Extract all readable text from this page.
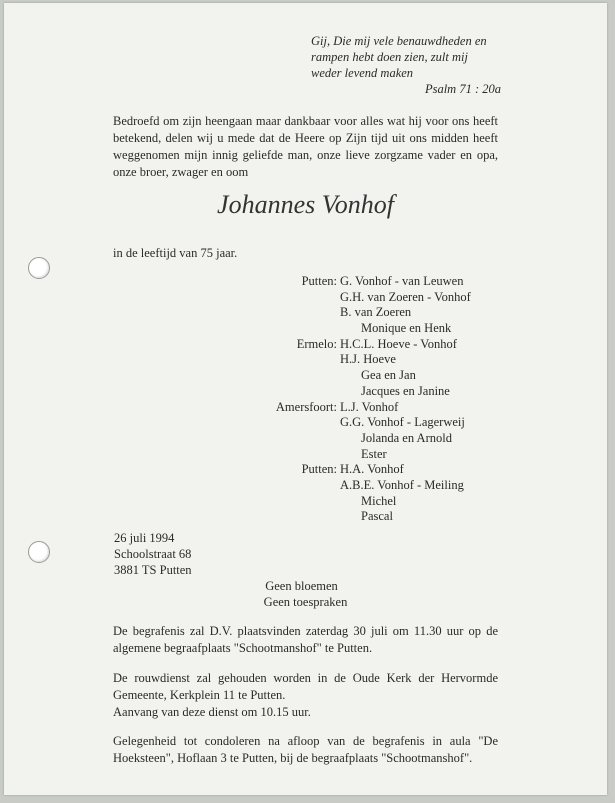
Gij, Die mij vele benauwdheden en
rampen hebt doen zien, zult mij
weder levend maken
Psalm 71 : 20a
Bedroefd om zijn heengaan maar dankbaar voor alles wat hij voor ons heeft betekend, delen wij u mede dat de Heere op Zijn tijd uit ons midden heeft weggenomen mijn innig geliefde man, onze lieve zorgzame vader en opa, onze broer, zwager en oom
Johannes Vonhof
in de leeftijd van 75 jaar.
Putten: G. Vonhof - van Leuwen
G.H. van Zoeren - Vonhof
B. van Zoeren
Monique en Henk
Ermelo: H.C.L. Hoeve - Vonhof
H.J. Hoeve
Gea en Jan
Jacques en Janine
Amersfoort: L.J. Vonhof
G.G. Vonhof - Lagerweij
Jolanda en Arnold
Ester
Putten: H.A. Vonhof
A.B.E. Vonhof - Meiling
Michel
Pascal
26 juli 1994
Schoolstraat 68
3881 TS Putten
Geen bloemen
Geen toespraken
De begrafenis zal D.V. plaatsvinden zaterdag 30 juli om 11.30 uur op de algemene begraafplaats "Schootmanshof" te Putten.
De rouwdienst zal gehouden worden in de Oude Kerk der Hervormde Gemeente, Kerkplein 11 te Putten.
Aanvang van deze dienst om 10.15 uur.
Gelegenheid tot condoleren na afloop van de begrafenis in aula "De Hoeksteen", Hoflaan 3 te Putten, bij de begraafplaats "Schootmanshof".
